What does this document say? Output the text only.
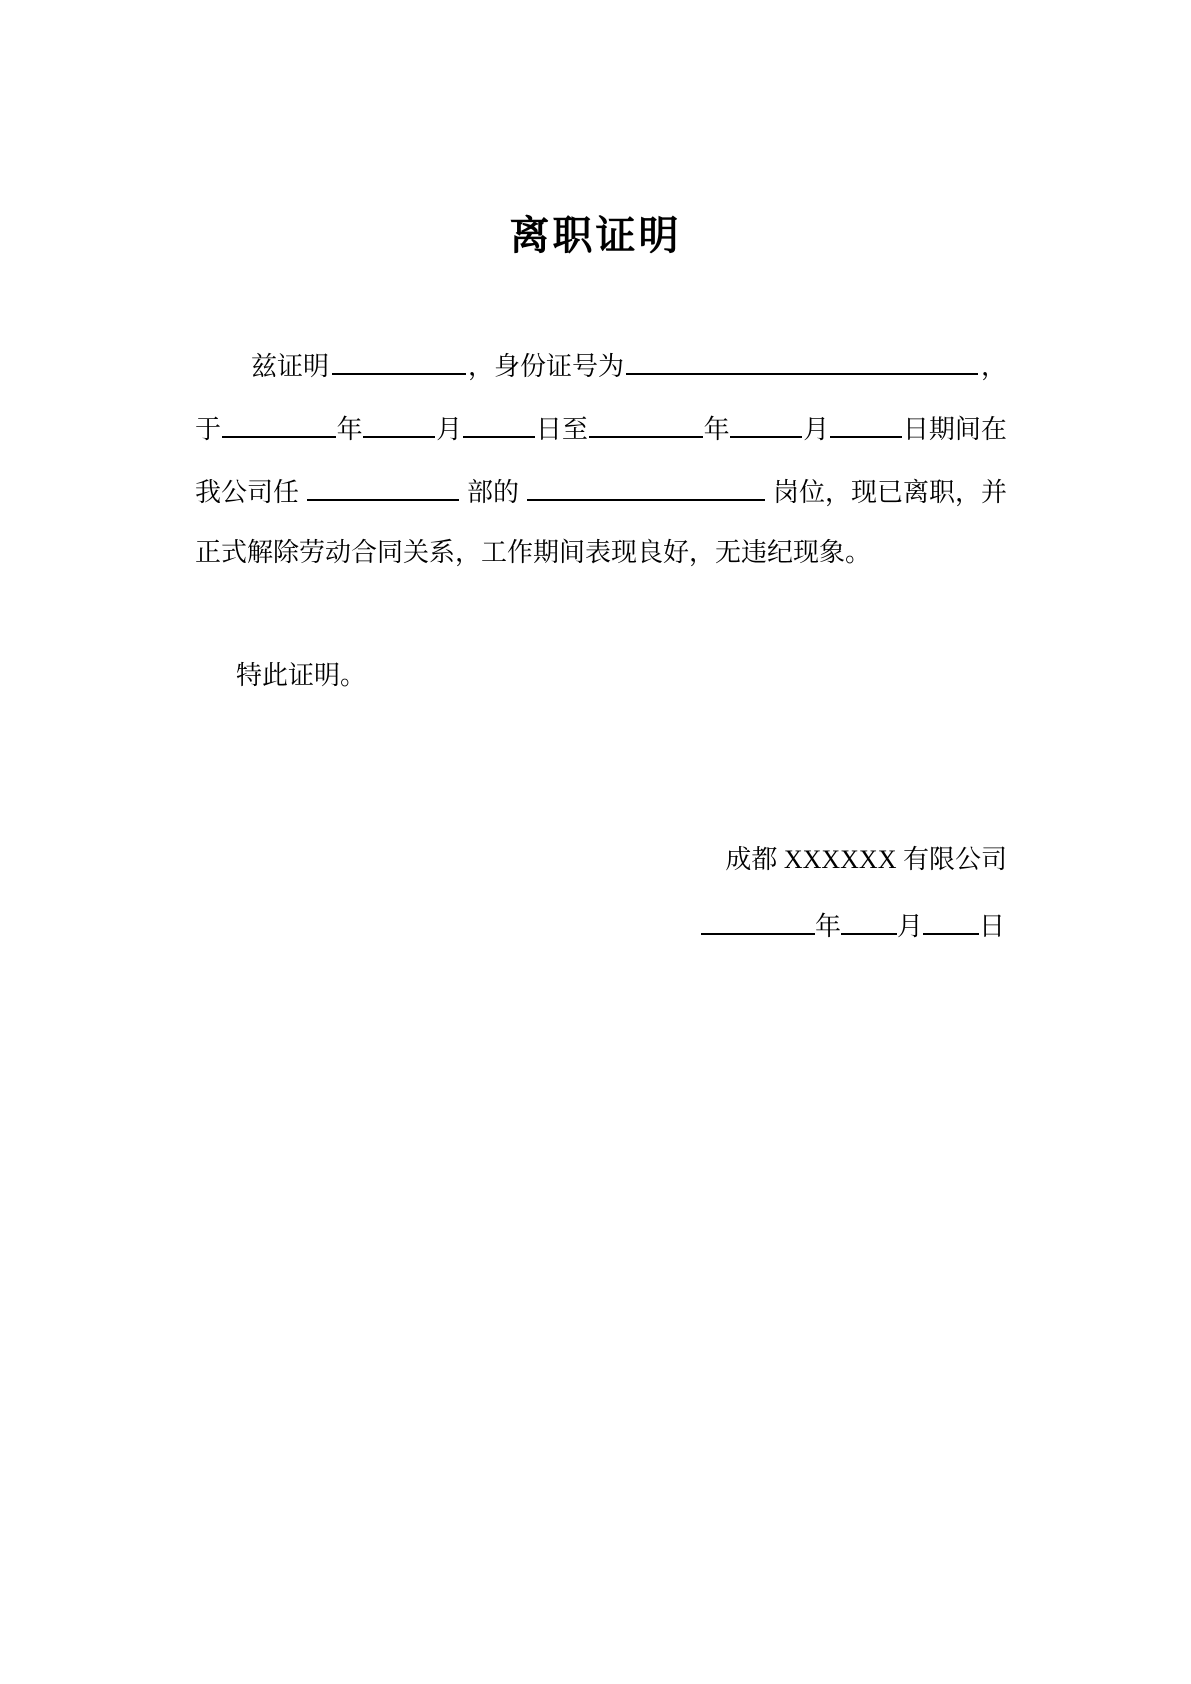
离职证明
兹证明	，身份证号为	，
于	年	月	日至	年	月	日期间在
我公司任	部的	岗位，现已离职，并
正式解除劳动合同关系，工作期间表现良好，无违纪现象。
特此证明。
成都 XXXXXX 有限公司
年 月 日
